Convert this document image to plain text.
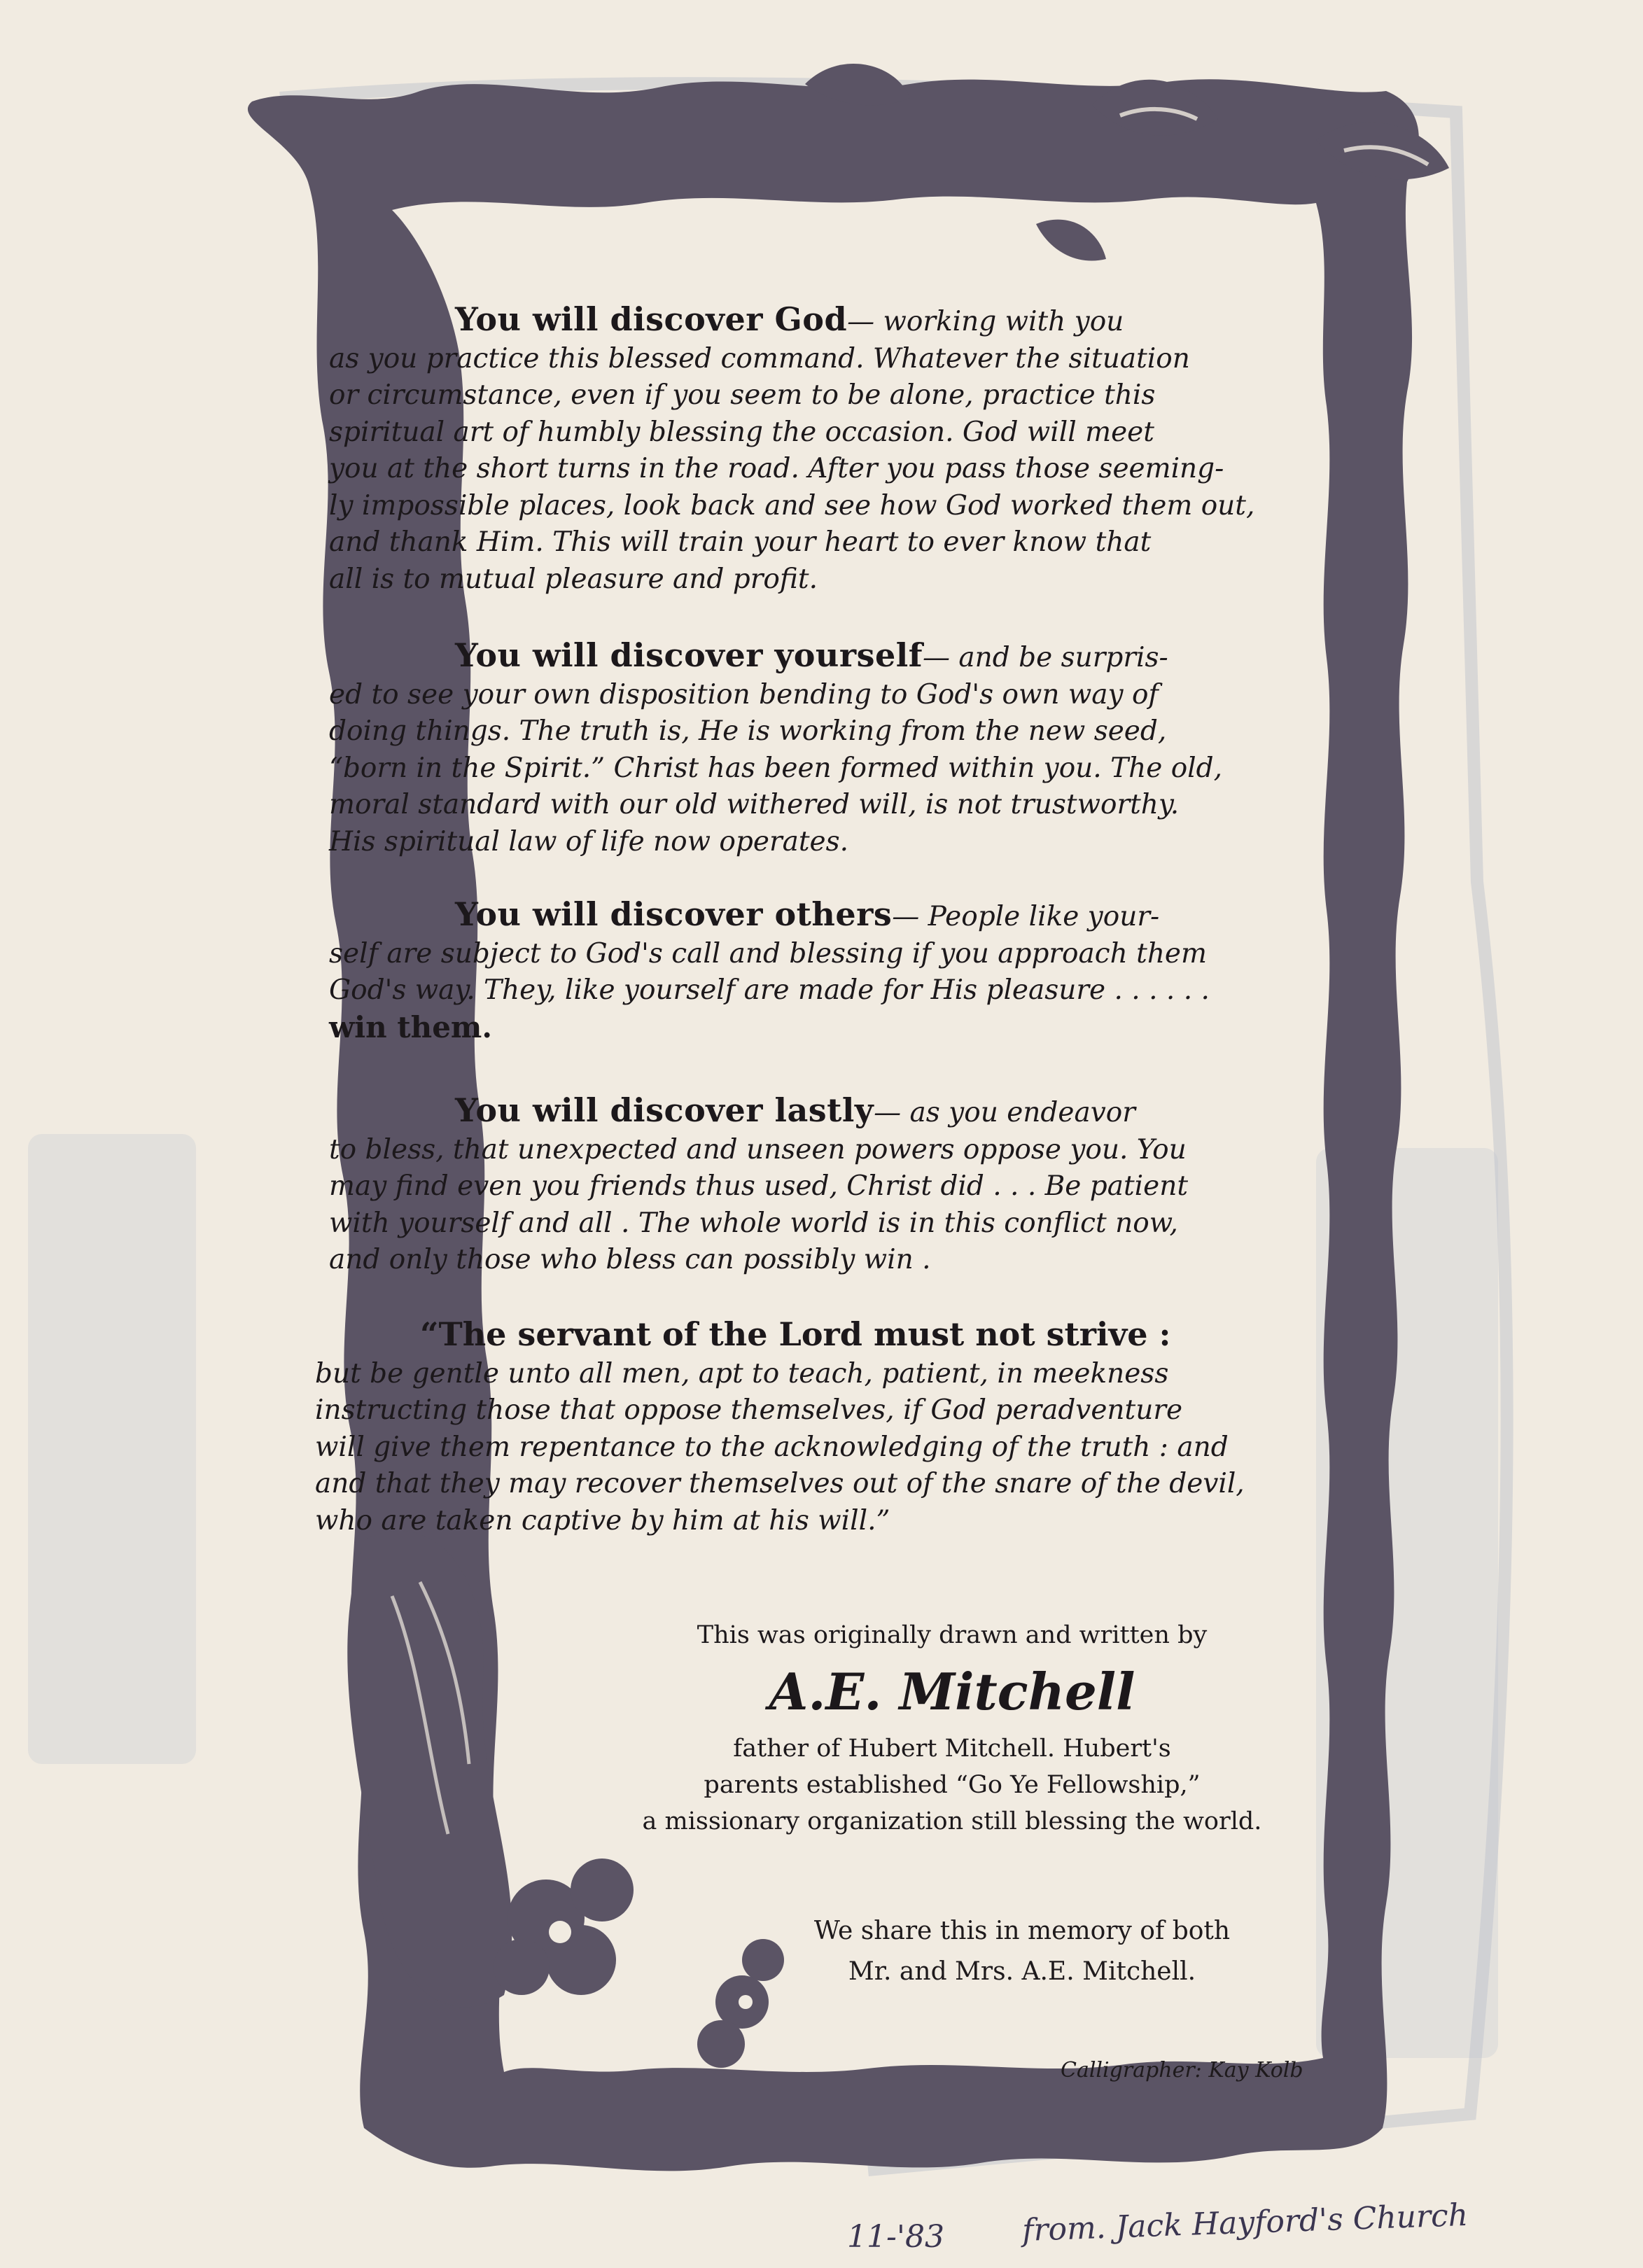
You will discover God— working with you
as you practice this blessed command. Whatever the situation
or circumstance, even if you seem to be alone, practice this
spiritual art of humbly blessing the occasion. God will meet
you at the short turns in the road. After you pass those seeming-
ly impossible places, look back and see how God worked them out,
and thank Him. This will train your heart to ever know that
all is to mutual pleasure and profit.
You will discover yourself— and be surpris-
ed to see your own disposition bending to God's own way of
doing things. The truth is, He is working from the new seed,
“born in the Spirit.” Christ has been formed within you. The old,
moral standard with our old withered will, is not trustworthy.
His spiritual law of life now operates.
You will discover others— People like your-
self are subject to God's call and blessing if you approach them
God's way. They, like yourself are made for His pleasure . . . . . .
win them.
You will discover lastly— as you endeavor
to bless, that unexpected and unseen powers oppose you. You
may find even you friends thus used, Christ did . . . Be patient
with yourself and all . The whole world is in this conflict now,
and only those who bless can possibly win .
“The servant of the Lord must not strive :
but be gentle unto all men, apt to teach, patient, in meekness
instructing those that oppose themselves, if God peradventure
will give them repentance to the acknowledging of the truth : and
and that they may recover themselves out of the snare of the devil,
who are taken captive by him at his will.”
This was originally drawn and written by
A.E. Mitchell
father of Hubert Mitchell. Hubert's
parents established “Go Ye Fellowship,”
a missionary organization still blessing the world.
We share this in memory of both
Mr. and Mrs. A.E. Mitchell.
Calligrapher: Kay Kolb
11-'83	from. Jack Hayford's Church
